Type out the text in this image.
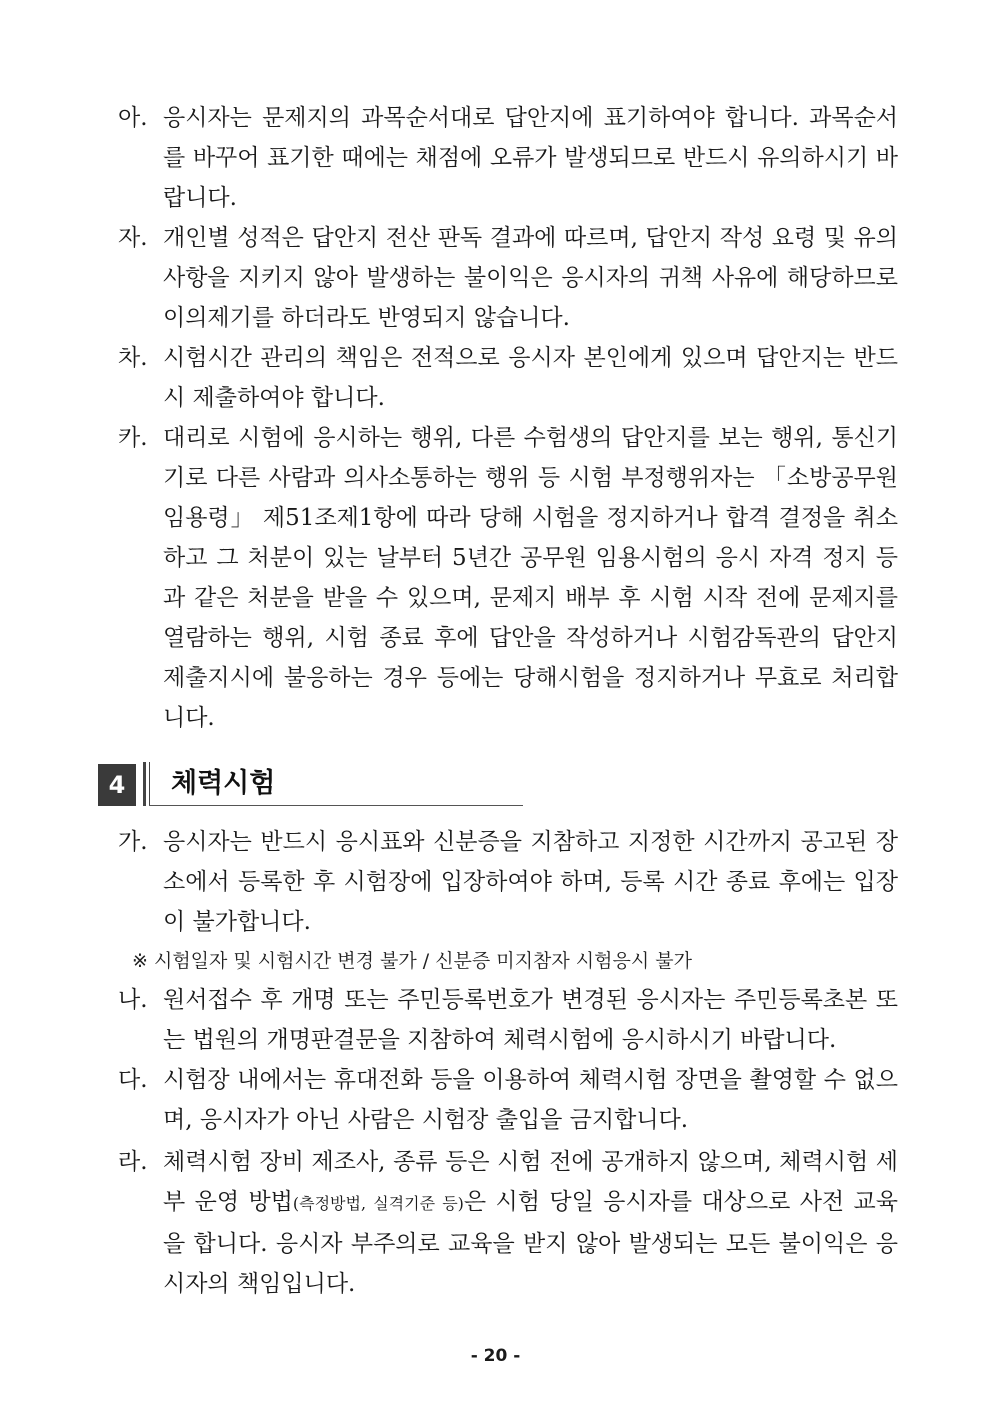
아. 응시자는 문제지의 과목순서대로 답안지에 표기하여야 합니다. 과목순서를 바꾸어 표기한 때에는 채점에 오류가 발생되므로 반드시 유의하시기 바랍니다.
자. 개인별 성적은 답안지 전산 판독 결과에 따르며, 답안지 작성 요령 및 유의사항을 지키지 않아 발생하는 불이익은 응시자의 귀책 사유에 해당하므로 이의제기를 하더라도 반영되지 않습니다.
차. 시험시간 관리의 책임은 전적으로 응시자 본인에게 있으며 답안지는 반드시 제출하여야 합니다.
카. 대리로 시험에 응시하는 행위, 다른 수험생의 답안지를 보는 행위, 통신기기로 다른 사람과 의사소통하는 행위 등 시험 부정행위자는 「소방공무원임용령」 제51조제1항에 따라 당해 시험을 정지하거나 합격 결정을 취소하고 그 처분이 있는 날부터 5년간 공무원 임용시험의 응시 자격 정지 등과 같은 처분을 받을 수 있으며, 문제지 배부 후 시험 시작 전에 문제지를 열람하는 행위, 시험 종료 후에 답안을 작성하거나 시험감독관의 답안지 제출지시에 불응하는 경우 등에는 당해시험을 정지하거나 무효로 처리합니다.
4	체력시험
가. 응시자는 반드시 응시표와 신분증을 지참하고 지정한 시간까지 공고된 장소에서 등록한 후 시험장에 입장하여야 하며, 등록 시간 종료 후에는 입장이 불가합니다.
※ 시험일자 및 시험시간 변경 불가 / 신분증 미지참자 시험응시 불가
나. 원서접수 후 개명 또는 주민등록번호가 변경된 응시자는 주민등록초본 또는 법원의 개명판결문을 지참하여 체력시험에 응시하시기 바랍니다.
다. 시험장 내에서는 휴대전화 등을 이용하여 체력시험 장면을 촬영할 수 없으며, 응시자가 아닌 사람은 시험장 출입을 금지합니다.
라. 체력시험 장비 제조사, 종류 등은 시험 전에 공개하지 않으며, 체력시험 세부 운영 방법(측정방법, 실격기준 등)은 시험 당일 응시자를 대상으로 사전 교육을 합니다. 응시자 부주의로 교육을 받지 않아 발생되는 모든 불이익은 응시자의 책임입니다.
- 20 -
